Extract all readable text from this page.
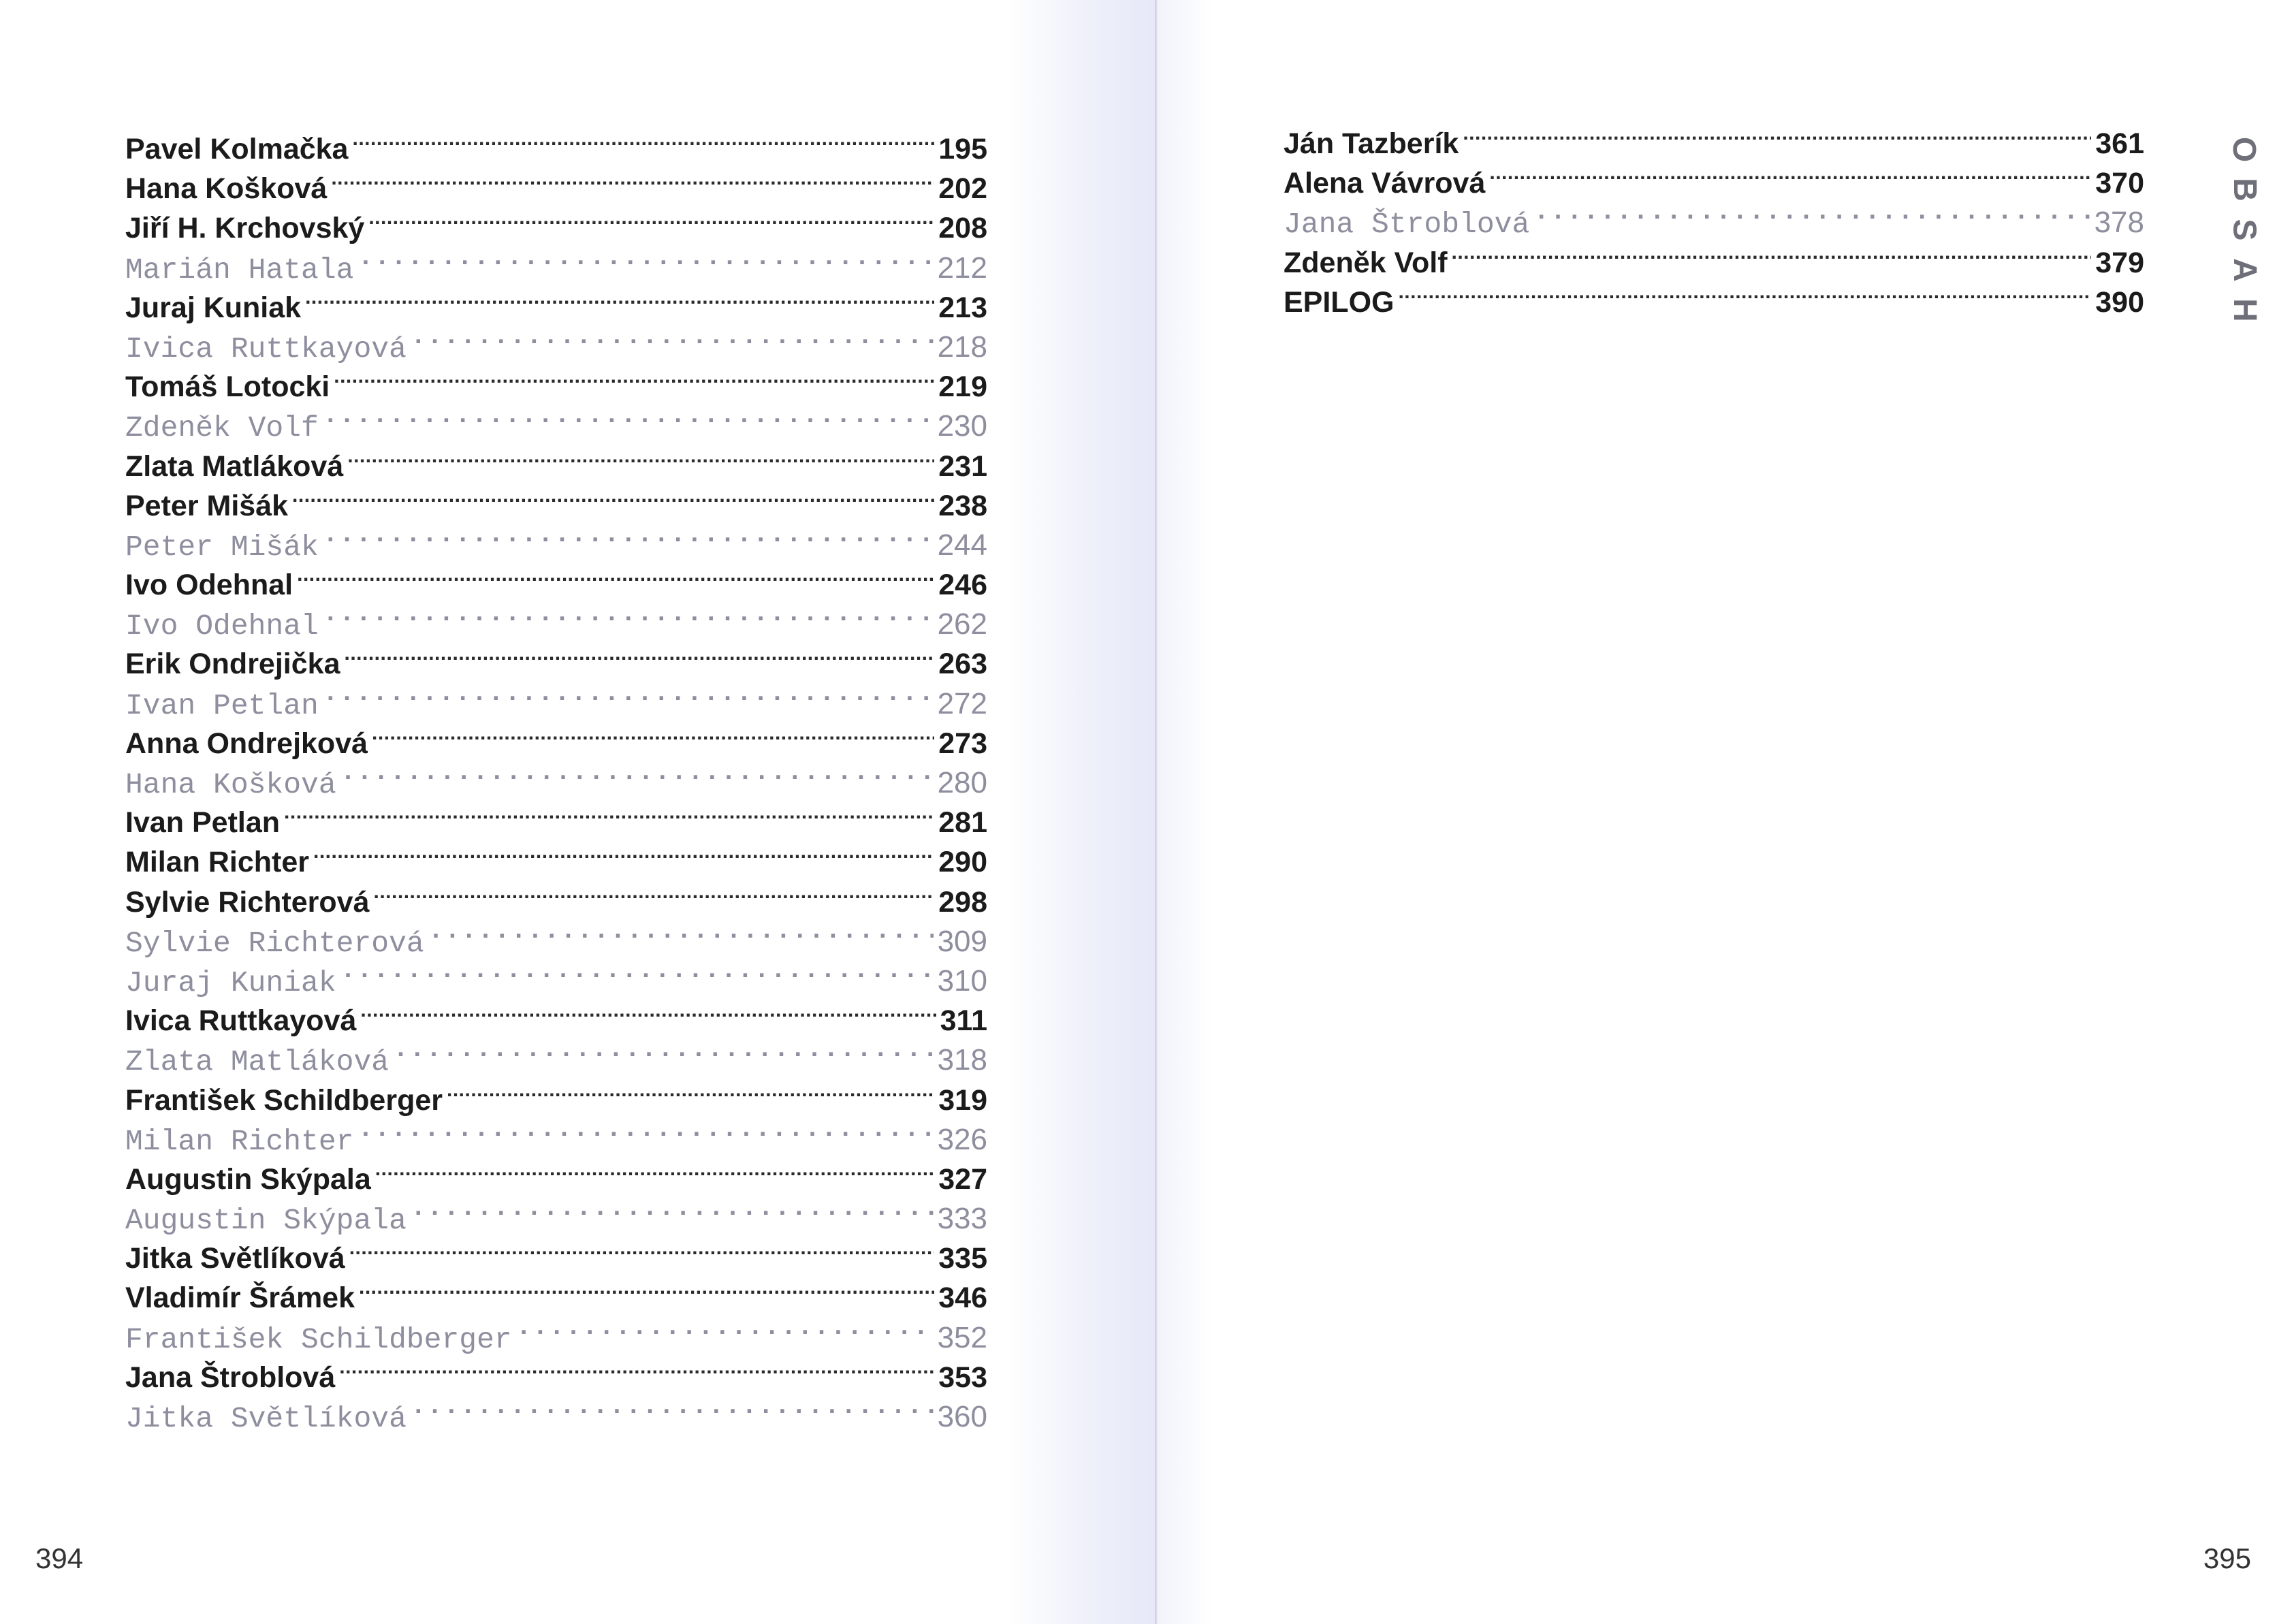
Pavel Kolmačka .....	195
Hana Košková .....	202
Jiří H. Krchovský .....	208
Marián Hatala .....	212
Juraj Kuniak .....	213
Ivica Ruttkayová .....	218
Tomáš Lotocki .....	219
Zdeněk Volf .....	230
Zlata Matláková .....	231
Peter Mišák .....	238
Peter Mišák .....	244
Ivo Odehnal .....	246
Ivo Odehnal .....	262
Erik Ondrejička .....	263
Ivan Petlan .....	272
Anna Ondrejková .....	273
Hana Košková .....	280
Ivan Petlan .....	281
Milan Richter .....	290
Sylvie Richterová .....	298
Sylvie Richterová .....	309
Juraj Kuniak .....	310
Ivica Ruttkayová .....	311
Zlata Matláková .....	318
František Schildberger .....	319
Milan Richter .....	326
Augustin Skýpala .....	327
Augustin Skýpala .....	333
Jitka Světlíková .....	335
Vladimír Šrámek .....	346
František Schildberger .....	352
Jana Štroblová .....	353
Jitka Světlíková .....	360
394
Ján Tazberík .....	361
Alena Vávrová .....	370
Jana Štroblová .....	378
Zdeněk Volf .....	379
EPILOG .....	390
O
B
S
A
H
395
